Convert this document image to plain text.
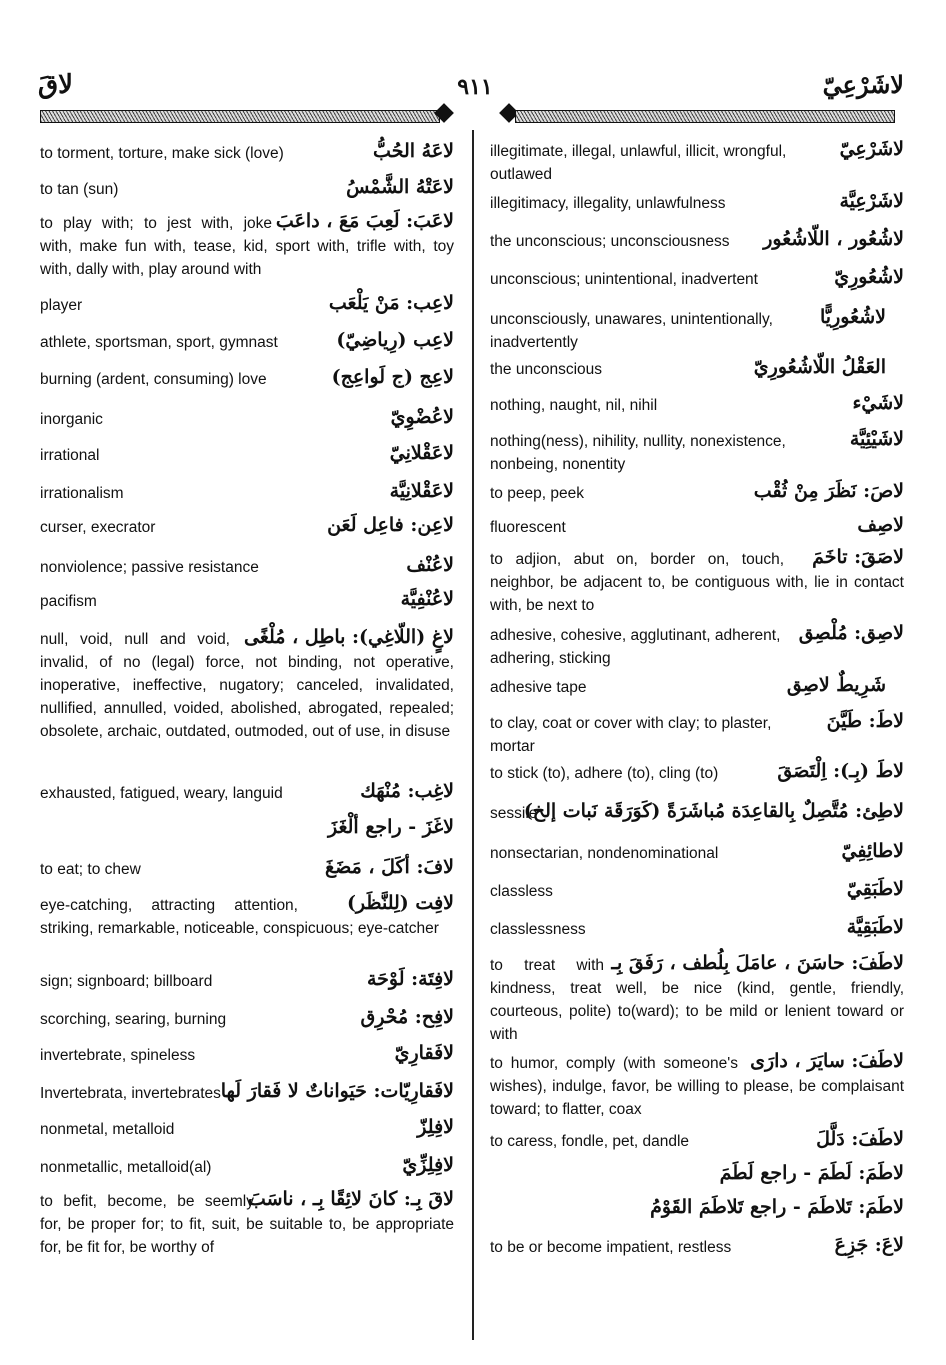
لاقَ	٩١١	لاشَرْعِيّ
لاعَهُ الحُبُّ
to torment, torture, make sick (love)
لاعَتْهُ الشَّمْسُ
to tan (sun)
لاعَبَ: لَعِبَ مَعَ ، داعَبَ
to play with; to jest with, joke with, make fun with, tease, kid, sport with, trifle with, toy with, dally with, play around with
لاعِب: مَنْ يَلْعَب
player
لاعِب (رِياضِيّ)
athlete, sportsman, sport, gymnast
لاعِج (ج لَواعِج)
burning (ardent, consuming) love
لاعُضْوِيّ
inorganic
لاعَقْلانِيّ
irrational
لاعَقْلانِيَّة
irrationalism
لاعِن: فاعِل لَعَن
curser, execrator
لاعُنْف
nonviolence; passive resistance
لاعُنْفِيَّة
pacifism
لاغٍ (اللّاغِي): باطِل ، مُلْغًى
null, void, null and void, invalid, of no (legal) force, not binding, not operative, inoperative, ineffective, nugatory; canceled, invalidated, nullified, annulled, voided, abolished, abrogated, repealed; obsolete, archaic, outdated, outmoded, out of use, in disuse
لاغِب: مُنْهَك
exhausted, fatigued, weary, languid
لاغَزَ - راجع ألْغَزَ
لافَ: أكَلَ ، مَضَغَ
to eat; to chew
لافِت (لِلنَّظَر)
eye-catching, attracting attention, striking, remarkable, noticeable, conspicuous; eye-catcher
لافِتَة: لَوْحَة
sign; signboard; billboard
لافِح: مُحْرِق
scorching, searing, burning
لافَقارِيّ
invertebrate, spineless
لافَقارِيّات: حَيَواناتٌ لا فَقارَ لَها
Invertebrata, invertebrates
لافِلِزّ
nonmetal, metalloid
لافِلِزِّيّ
nonmetallic, metalloid(al)
لاقَ بِـ: كانَ لائِقًا بِـ ، ناسَبَ
to befit, become, be seemly for, be proper for; to fit, suit, be suitable to, be appropriate for, be fit for, be worthy of
لاشَرْعِيّ
illegitimate, illegal, unlawful, illicit, wrongful, outlawed
لاشَرْعِيَّة
illegitimacy, illegality, unlawfulness
لاشُعُور ، اللّاشُعُور
the unconscious; unconsciousness
لاشُعُورِيّ
unconscious; unintentional, inadvertent
لاشُعُورِيًّا
unconsciously, unawares, unintentionally, inadvertently
العَقْلُ اللّاشُعُورِيّ
the unconscious
لاشَيْء
nothing, naught, nil, nihil
لاشَيْئِيَّة
nothing(ness), nihility, nullity, nonexistence, nonbeing, nonentity
لاصَ: نَظَرَ مِنْ ثُقْب
to peep, peek
لاصِف
fluorescent
لاصَقَ: تاخَمَ
to adjion, abut on, border on, touch, neighbor, be adjacent to, be contiguous with, lie in contact with, be next to
لاصِق: مُلْصِق
adhesive, cohesive, agglutinant, adherent, adhering, sticking
شَرِيطٌ لاصِق
adhesive tape
لاطَ: طَيَّنَ
to clay, coat or cover with clay; to plaster, mortar
لاطَ (بِـ): اِلْتَصَقَ
to stick (to), adhere (to), cling (to)
لاطِئ: مُتَّصِلٌ بِالقاعِدَة مُباشَرَةً (كَوَرَقَة نَبات إلخ)
sessile
لاطائِفِيّ
nonsectarian, nondenominational
لاطَبَقِيّ
classless
لاطَبَقِيَّة
classlessness
لاطَفَ: حاسَنَ ، عامَلَ بِلُطف ، رَفَقَ بِـ
to treat with kindness, treat well, be nice (kind, gentle, friendly, courteous, polite) to(ward); to be mild or lenient toward or with
لاطَفَ: سايَرَ ، دارَى
to humor, comply (with someone's wishes), indulge, favor, be willing to please, be complaisant toward; to flatter, coax
لاطَفَ: دَلَّلَ
to caress, fondle, pet, dandle
لاطَمَ: لَطَمَ - راجع لَطَمَ
لاطَمَ: تَلاطَمَ - راجع تَلاطَمَ القَوْمُ
لاعَ: جَزِعَ
to be or become impatient, restless
